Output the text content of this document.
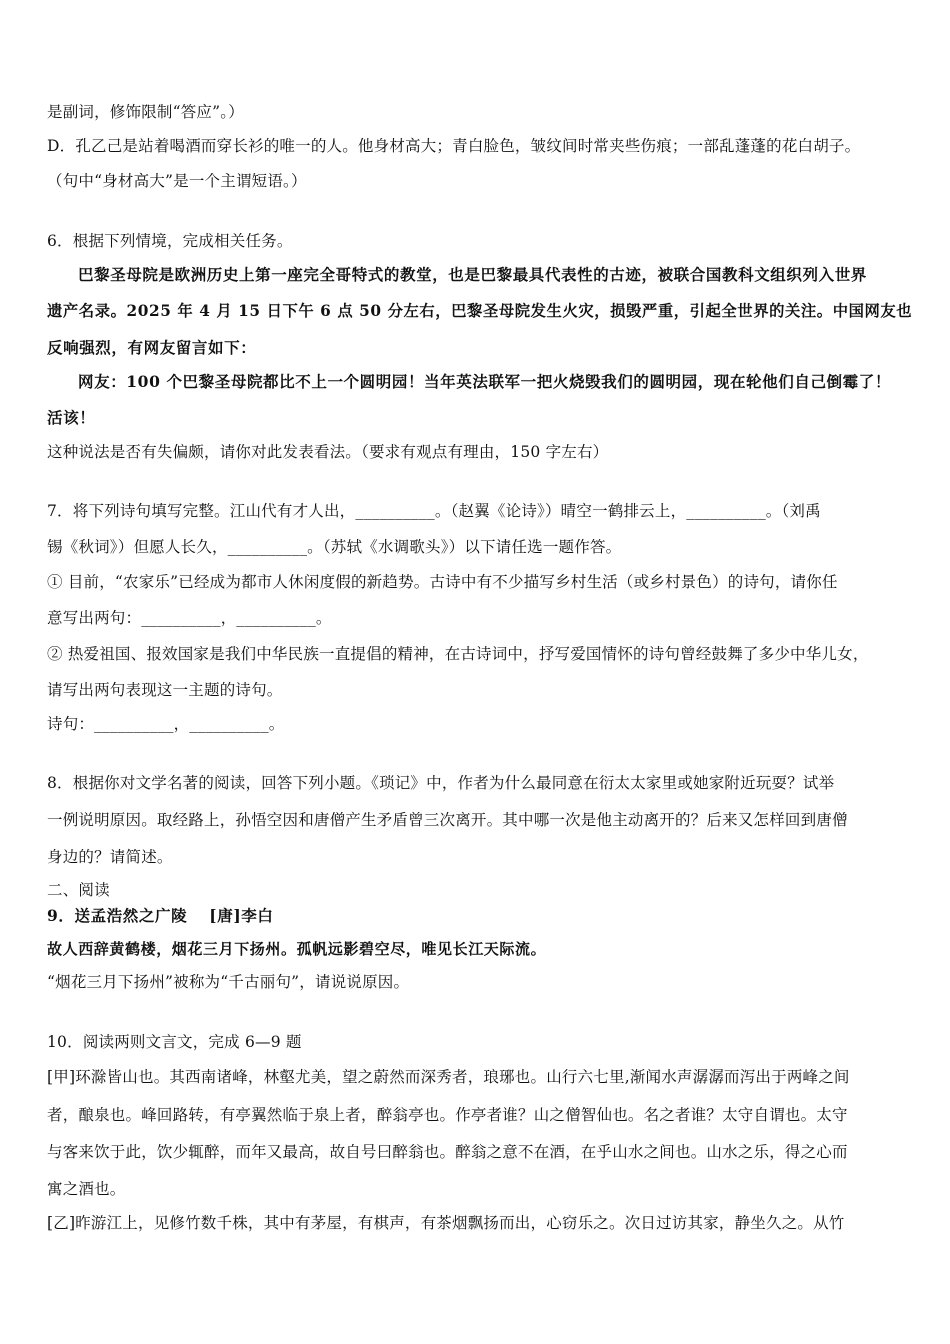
是副词，修饰限制“答应”。）
D．孔乙己是站着喝酒而穿长衫的唯一的人。他身材高大；青白脸色，皱纹间时常夹些伤痕；一部乱蓬蓬的花白胡子。
（句中“身材高大”是一个主谓短语。）
6．根据下列情境，完成相关任务。
巴黎圣母院是欧洲历史上第一座完全哥特式的教堂，也是巴黎最具代表性的古迹，被联合国教科文组织列入世界
遗产名录。2025 年 4 月 15 日下午 6 点 50 分左右，巴黎圣母院发生火灾，损毁严重，引起全世界的关注。中国网友也
反响强烈，有网友留言如下：
网友：100 个巴黎圣母院都比不上一个圆明园！当年英法联军一把火烧毁我们的圆明园，现在轮他们自己倒霉了！
活该！
这种说法是否有失偏颇，请你对此发表看法。（要求有观点有理由，150 字左右）
7．将下列诗句填写完整。江山代有才人出，__________。（赵翼《论诗》）晴空一鹤排云上，__________。（刘禹
锡《秋词》）但愿人长久，__________。（苏轼《水调歌头》）以下请任选一题作答。
① 目前，“农家乐”已经成为都市人休闲度假的新趋势。古诗中有不少描写乡村生活（或乡村景色）的诗句，请你任
意写出两句：__________，__________。
② 热爱祖国、报效国家是我们中华民族一直提倡的精神，在古诗词中，抒写爱国情怀的诗句曾经鼓舞了多少中华儿女，
请写出两句表现这一主题的诗句。
诗句：__________，__________。
8．根据你对文学名著的阅读，回答下列小题。《琐记》中，作者为什么最同意在衍太太家里或她家附近玩耍？试举
一例说明原因。取经路上，孙悟空因和唐僧产生矛盾曾三次离开。其中哪一次是他主动离开的？后来又怎样回到唐僧
身边的？请简述。
二、阅读
9．送孟浩然之广陵　 [唐]李白
故人西辞黄鹤楼，烟花三月下扬州。孤帆远影碧空尽，唯见长江天际流。
“烟花三月下扬州”被称为“千古丽句”，请说说原因。
10．阅读两则文言文，完成 6—9 题
[甲]环滁皆山也。其西南诸峰，林壑尤美，望之蔚然而深秀者，琅琊也。山行六七里,渐闻水声潺潺而泻出于两峰之间
者，酿泉也。峰回路转，有亭翼然临于泉上者，醉翁亭也。作亭者谁？山之僧智仙也。名之者谁？太守自谓也。太守
与客来饮于此，饮少辄醉，而年又最高，故自号曰醉翁也。醉翁之意不在酒，在乎山水之间也。山水之乐，得之心而
寓之酒也。
[乙]昨游江上，见修竹数千株，其中有茅屋，有棋声，有茶烟飘扬而出，心窃乐之。次日过访其家，静坐久之。从竹
